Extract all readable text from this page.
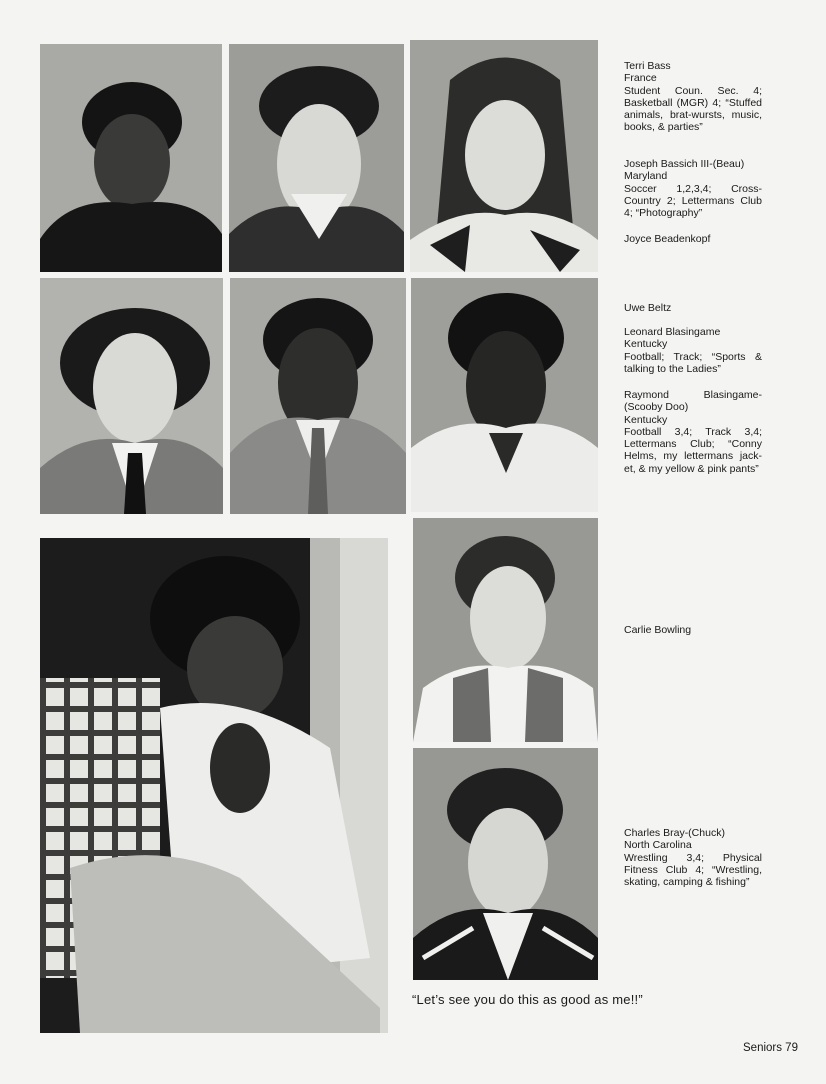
Terri Bass
France
Student Coun. Sec. 4; Basketball (MGR) 4; “Stuffed animals, brat-wursts, music, books, & parties”
Joseph Bassich III-(Beau)
Maryland
Soccer 1,2,3,4; Cross-Country 2; Lettermans Club 4; “Photography”
Joyce Beadenkopf
Uwe Beltz
Leonard Blasingame
Kentucky
Football; Track; “Sports & talking to the Ladies”
Raymond Blasingame-(Scooby Doo)
Kentucky
Football 3,4; Track 3,4; Lettermans Club; “Conny Helms, my lettermans jack-et, & my yellow & pink pants”
Carlie Bowling
Charles Bray-(Chuck)
North Carolina
Wrestling 3,4; Physical Fitness Club 4; “Wrestling, skating, camping & fishing”
“Let’s see you do this as good as me!!”
Seniors 79
